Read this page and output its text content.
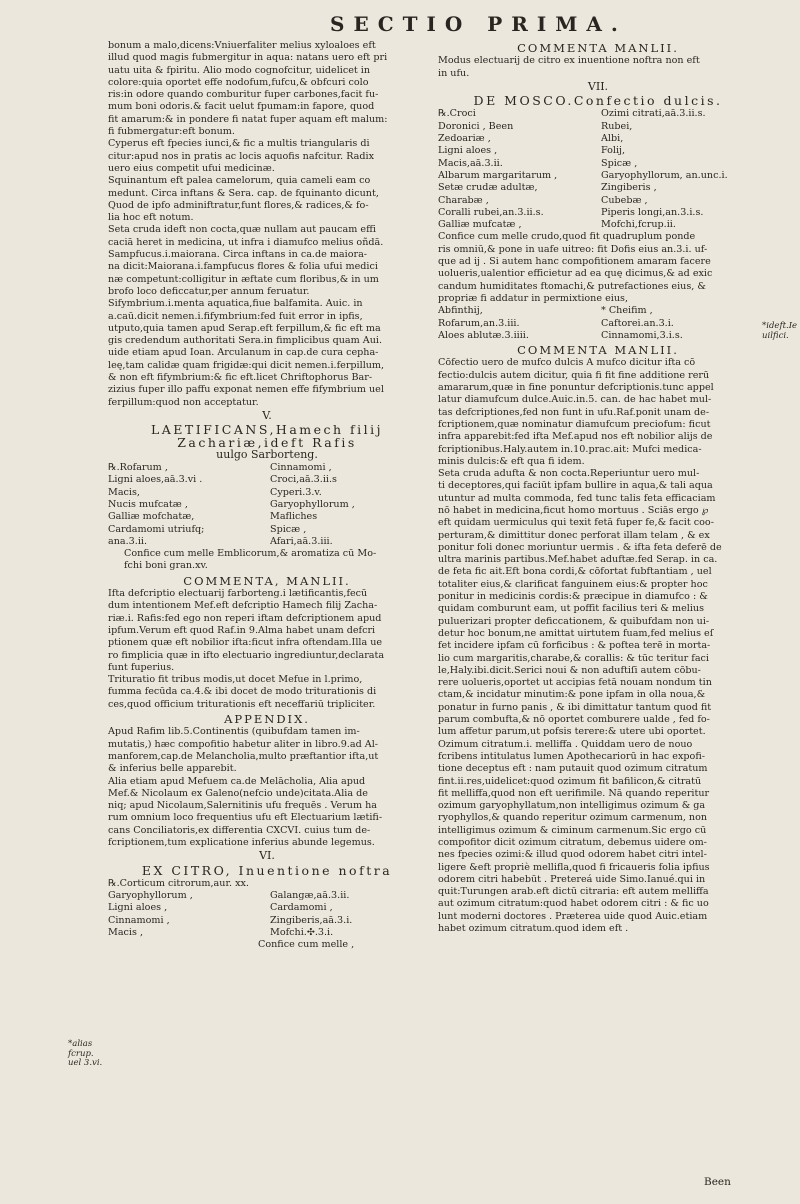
SECTIO PRIMA.
bonum a malo,dicens:Vniuerfaliter melius xyloaloes eft
illud quod magis fubmergitur in aqua: natans uero eft pri
uatu uita & fpiritu. Alio modo cognofcitur, uidelicet in
colore:quia oportet effe nodofum,fufcu,& obfcuri colo
ris:in odore quando comburitur fuper carbones,facit fu-
mum boni odoris.& facit uelut fpumam:in fapore, quod
fit amarum:& in pondere fi natat fuper aquam eft malum:
fi fubmergatur:eft bonum.
Cyperus eft fpecies iunci,& fic a multis triangularis di
citur:apud nos in pratis ac locis aquofis nafcitur. Radix
uero eius competit ufui medicinæ.
Squinantum eft palea camelorum, quia cameli eam co
medunt. Circa inftans & Sera. cap. de fquinanto dicunt,
Quod de ipfo adminiftratur,funt flores,& radices,& fo-
lia hoc eft notum.
Seta cruda ideft non cocta,quæ nullam aut paucam effi
caciā heret in medicina, ut infra i diamufco melius oñdā.
Sampfucus.i.maiorana. Circa inftans in ca.de maiora-
na dicit:Maiorana.i.fampfucus flores & folia ufui medici
næ competunt:colligitur in æftate cum floribus,& in um
brofo loco deficcatur,per annum feruatur.
Sifymbrium.i.menta aquatica,fiue balfamita. Auic. in
a.caū.dicit nemen.i.fifymbrium:fed fuit error in ipfis,
utputo,quia tamen apud Serap.eft ferpillum,& fic eft ma
gis credendum authoritati Sera.in fimplicibus quam Aui.
uide etiam apud Ioan. Arculanum in cap.de cura cepha-
leę,tam calidæ quam frigidæ:qui dicit nemen.i.ferpillum,
& non eft fifymbrium:& fic eft.licet Chriftophorus Bar-
zizius fuper illo paffu exponat nemen effe fifymbrium uel
ferpillum:quod non acceptatur.
V.
LAETIFICANS,Hamech filij Zachariæ,ideft Rafis
uulgo Sarborteng.
℞.Rofarum ,	Cinnamomi ,
Ligni aloes,aā.3.vi .	Croci,aā.3.ii.s
Macis,	Cyperi.3.v.
Nucis mufcatæ ,	Garyophyllorum ,
Galliæ mofchatæ,	Mafliches
Cardamomi utriufq;	Spicæ ,
ana.3.ii.	Afari,aā.3.iii.
Confice cum melle Emblicorum,& aromatiza cū Mo-
fchi boni gran.xv.
COMMENTA, MANLII.
Ifta defcriptio electuarij farborteng.i lætificantis,fecū
dum intentionem Mef.eft defcriptio Hamech filij Zacha-
riæ.i. Rafis:fed ego non reperi iftam defcriptionem apud
ipfum.Verum eft quod Raf.in 9.Alma habet unam defcri
ptionem quæ eft nobilior ifta:ficut infra oftendam.Illa ue
ro fimplicia quæ in ifto electuario ingrediuntur,declarata
funt fuperius.
Trituratio fit tribus modis,ut docet Mefue in l.primo,
fumma fecūda ca.4.& ibi docet de modo triturationis di
ces,quod officium triturationis eft neceffariū tripliciter.
APPENDIX.
Apud Rafim lib.5.Continentis (quibufdam tamen im-
mutatis,) hæc compofitio habetur aliter in libro.9.ad Al-
manforem,cap.de Melancholia,multo præftantior ifta,ut
& inferius belle apparebit.
Alia etiam apud Mefuem ca.de Melācholia, Alia apud
Mef.& Nicolaum ex Galeno(nefcio unde)citata.Alia de
niq; apud Nicolaum,Salernitinis ufu frequēs . Verum ha
rum omnium loco frequentius ufu eft Electuarium lætifi-
cans Conciliatoris,ex differentia CXCVI. cuius tum de-
fcriptionem,tum explicatione inferius abunde legemus.
VI.
EX CITRO, Inuentione noftra
℞.Corticum citrorum,aur. xx.
Garyophyllorum ,	Galangæ,aā.3.ii.
Ligni aloes ,	Cardamomi ,
Cinnamomi ,	Zingiberis,aā.3.i.
Macis ,	Mofchi.✣.3.i.
Confice cum melle ,
COMMENTA MANLII.
Modus electuarij de citro ex inuentione noftra non eft
in ufu.
VII.
DE MOSCO.Confectio dulcis.
℞.Croci	Ozimi citrati,aā.3.ii.s.
Doronici , Been	Rubei,
Zedoariæ ,	Albi,
Ligni aloes ,	Folij,
Macis,aā.3.ii.	Spicæ ,
Albarum margaritarum ,	Garyophyllorum, an.unc.i.
Setæ crudæ adultæ,	Zingiberis ,
Charabæ ,	Cubebæ ,
Coralli rubei,an.3.ii.s.	Piperis longi,an.3.i.s.
Galliæ mufcatæ ,	Mofchi,fcrup.ii.
Confice cum melle crudo,quod fit quadruplum ponde
ris omniū,& pone in uafe uitreo: fit Dofis eius an.3.i. uf-
que ad ij . Si autem hanc compofitionem amaram facere
uolueris,ualentior efficietur ad ea quę dicimus,& ad exic
candum humiditates ftomachi,& putrefactiones eius, &
propriæ fi addatur in permixtione eius,
Abfinthij,	* Cheifim ,
Rofarum,an.3.iii.	Caftorei.an.3.i.
Aloes ablutæ.3.iiii.	Cinnamomi,3.i.s.
COMMENTA MANLII.
Cōfectio uero de mufco dulcis A mufco dicitur ifta cō
fectio:dulcis autem dicitur, quia fi fit fine additione rerū
amararum,quæ in fine ponuntur defcriptionis.tunc appel
latur diamufcum dulce.Auic.in.5. can. de hac habet mul-
tas defcriptiones,fed non funt in ufu.Raf.ponit unam de-
fcriptionem,quæ nominatur diamufcum preciofum: ficut
infra apparebit:fed ifta Mef.apud nos eft nobilior alijs de
fcriptionibus.Haly.autem in.10.prac.ait: Mufci medica-
minis dulcis:& eft qua fi idem.
Seta cruda adufta & non cocta.Reperiuntur uero mul-
ti deceptores,qui faciūt ipfam bullire in aqua,& tali aqua
utuntur ad multa commoda, fed tunc talis feta efficaciam
nō habet in medicina,ficut homo mortuus . Sciās ergo ℘
eft quidam uermiculus qui texit fetā fuper fe,& facit coo-
perturam,& dimittitur donec perforat illam telam , & ex
ponitur foli donec moriuntur uermis . & ifta feta deferē de
ultra marinis partibus.Mef.habet aduftæ.fed Serap. in ca.
de feta fic ait.Eft bona cordi,& cōfortat fubftantiam , uel
totaliter eius,& clarificat fanguinem eius:& propter hoc
ponitur in medicinis cordis:& præcipue in diamufco : &
quidam comburunt eam, ut poffit facilius teri & melius
puluerizari propter deficcationem, & quibufdam non ui-
detur hoc bonum,ne amittat uirtutem fuam,fed melius eſ
fet incidere ipfam cū forficibus : & poftea terē in morta-
lio cum margaritis,charabe,& corallis: & tūc teritur faci
le,Haly.ibi.dicit.Serici noui & non aduftiſi autem cōbu-
rere uolueris,oportet ut accipias fetā nouam nondum tin
ctam,& incidatur minutim:& pone ipfam in olla noua,&
ponatur in furno panis , & ibi dimittatur tantum quod fit
parum combufta,& nō oportet comburere ualde , fed fo-
lum affetur parum,ut pofsis terere:& utere ubi oportet.
Ozimum citratum.i. melliffa . Quiddam uero de nouo
fcribens intitulatus lumen Apothecariorū in hac expofi-
tione deceptus eft : nam putauit quod ozimum citratum
fint.ii.res,uidelicet:quod ozimum fit bafilicon,& citratū
fit melliffa,quod non eft uerifimile. Nā quando reperitur
ozimum garyophyllatum,non intelligimus ozimum & ga
ryophyllos,& quando reperitur ozimum carmenum, non
intelligimus ozimum & ciminum carmenum.Sic ergo cū
compofitor dicit ozimum citratum, debemus uidere om-
nes fpecies ozimi:& illud quod odorem habet citri intel-
ligere &eft propriè mellifla,quod fi fricaueris folia ipfius
odorem citri habebūt . Pretereá uide Simo.Ianué.qui in
quit:Turungen arab.eft dictū citraria: eft autem melliffa
aut ozimum citratum:quod habet odorem citri : & fic uo
lunt moderni doctores . Præterea uide quod Auic.etiam
habet ozimum citratum.quod idem eft .
*ideft.Ie uilfici.
*alias fcrup. uel 3.vi.
Been
